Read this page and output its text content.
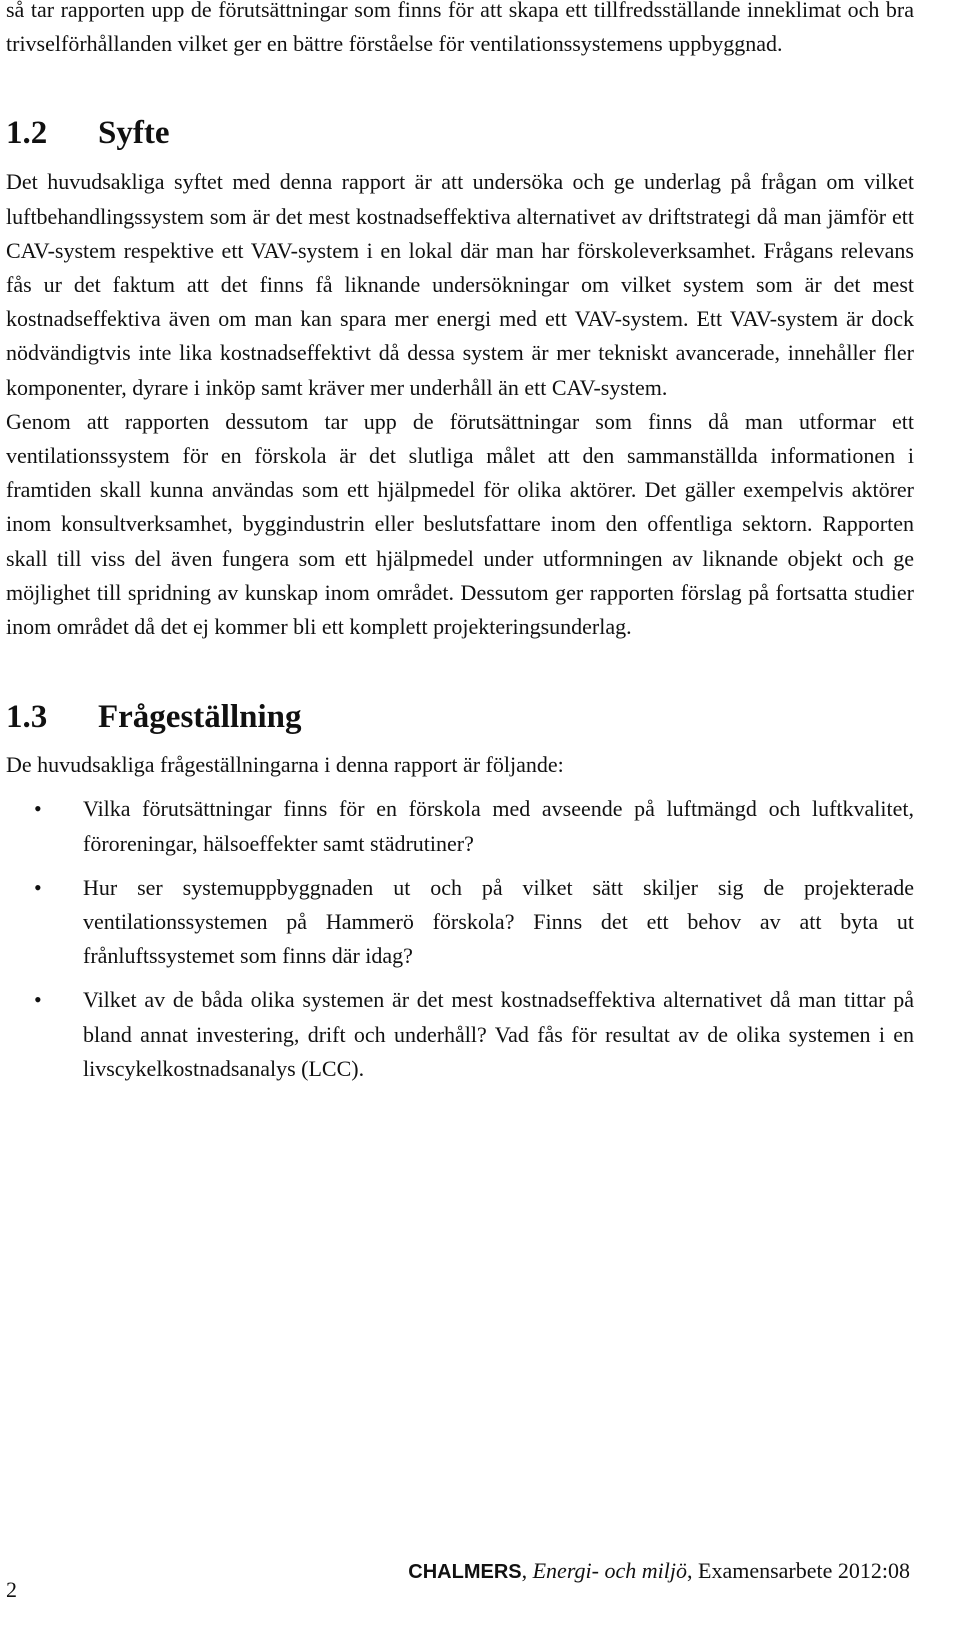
så tar rapporten upp de förutsättningar som finns för att skapa ett tillfredsställande inneklimat och bra trivselförhållanden vilket ger en bättre förståelse för ventilationssystemens uppbyggnad.

1.2	Syfte

Det huvudsakliga syftet med denna rapport är att undersöka och ge underlag på frågan om vilket luftbehandlingssystem som är det mest kostnadseffektiva alternativet av driftstrategi då man jämför ett CAV-system respektive ett VAV-system i en lokal där man har förskoleverksamhet. Frågans relevans fås ur det faktum att det finns få liknande undersökningar om vilket system som är det mest kostnadseffektiva även om man kan spara mer energi med ett VAV-system. Ett VAV-system är dock nödvändigtvis inte lika kostnadseffektivt då dessa system är mer tekniskt avancerade, innehåller fler komponenter, dyrare i inköp samt kräver mer underhåll än ett CAV-system.

Genom att rapporten dessutom tar upp de förutsättningar som finns då man utformar ett ventilationssystem för en förskola är det slutliga målet att den sammanställda informationen i framtiden skall kunna användas som ett hjälpmedel för olika aktörer. Det gäller exempelvis aktörer inom konsultverksamhet, byggindustrin eller beslutsfattare inom den offentliga sektorn. Rapporten skall till viss del även fungera som ett hjälpmedel under utformningen av liknande objekt och ge möjlighet till spridning av kunskap inom området. Dessutom ger rapporten förslag på fortsatta studier inom området då det ej kommer bli ett komplett projekteringsunderlag.

1.3	Frågeställning

De huvudsakliga frågeställningarna i denna rapport är följande:

•	Vilka förutsättningar finns för en förskola med avseende på luftmängd och luftkvalitet, föroreningar, hälsoeffekter samt städrutiner?
•	Hur ser systemuppbyggnaden ut och på vilket sätt skiljer sig de projekterade ventilationssystemen på Hammerö förskola? Finns det ett behov av att byta ut frånluftssystemet som finns där idag?
•	Vilket av de båda olika systemen är det mest kostnadseffektiva alternativet då man tittar på bland annat investering, drift och underhåll? Vad fås för resultat av de olika systemen i en livscykelkostnadsanalys (LCC).
2
CHALMERS, Energi- och miljö, Examensarbete 2012:08
